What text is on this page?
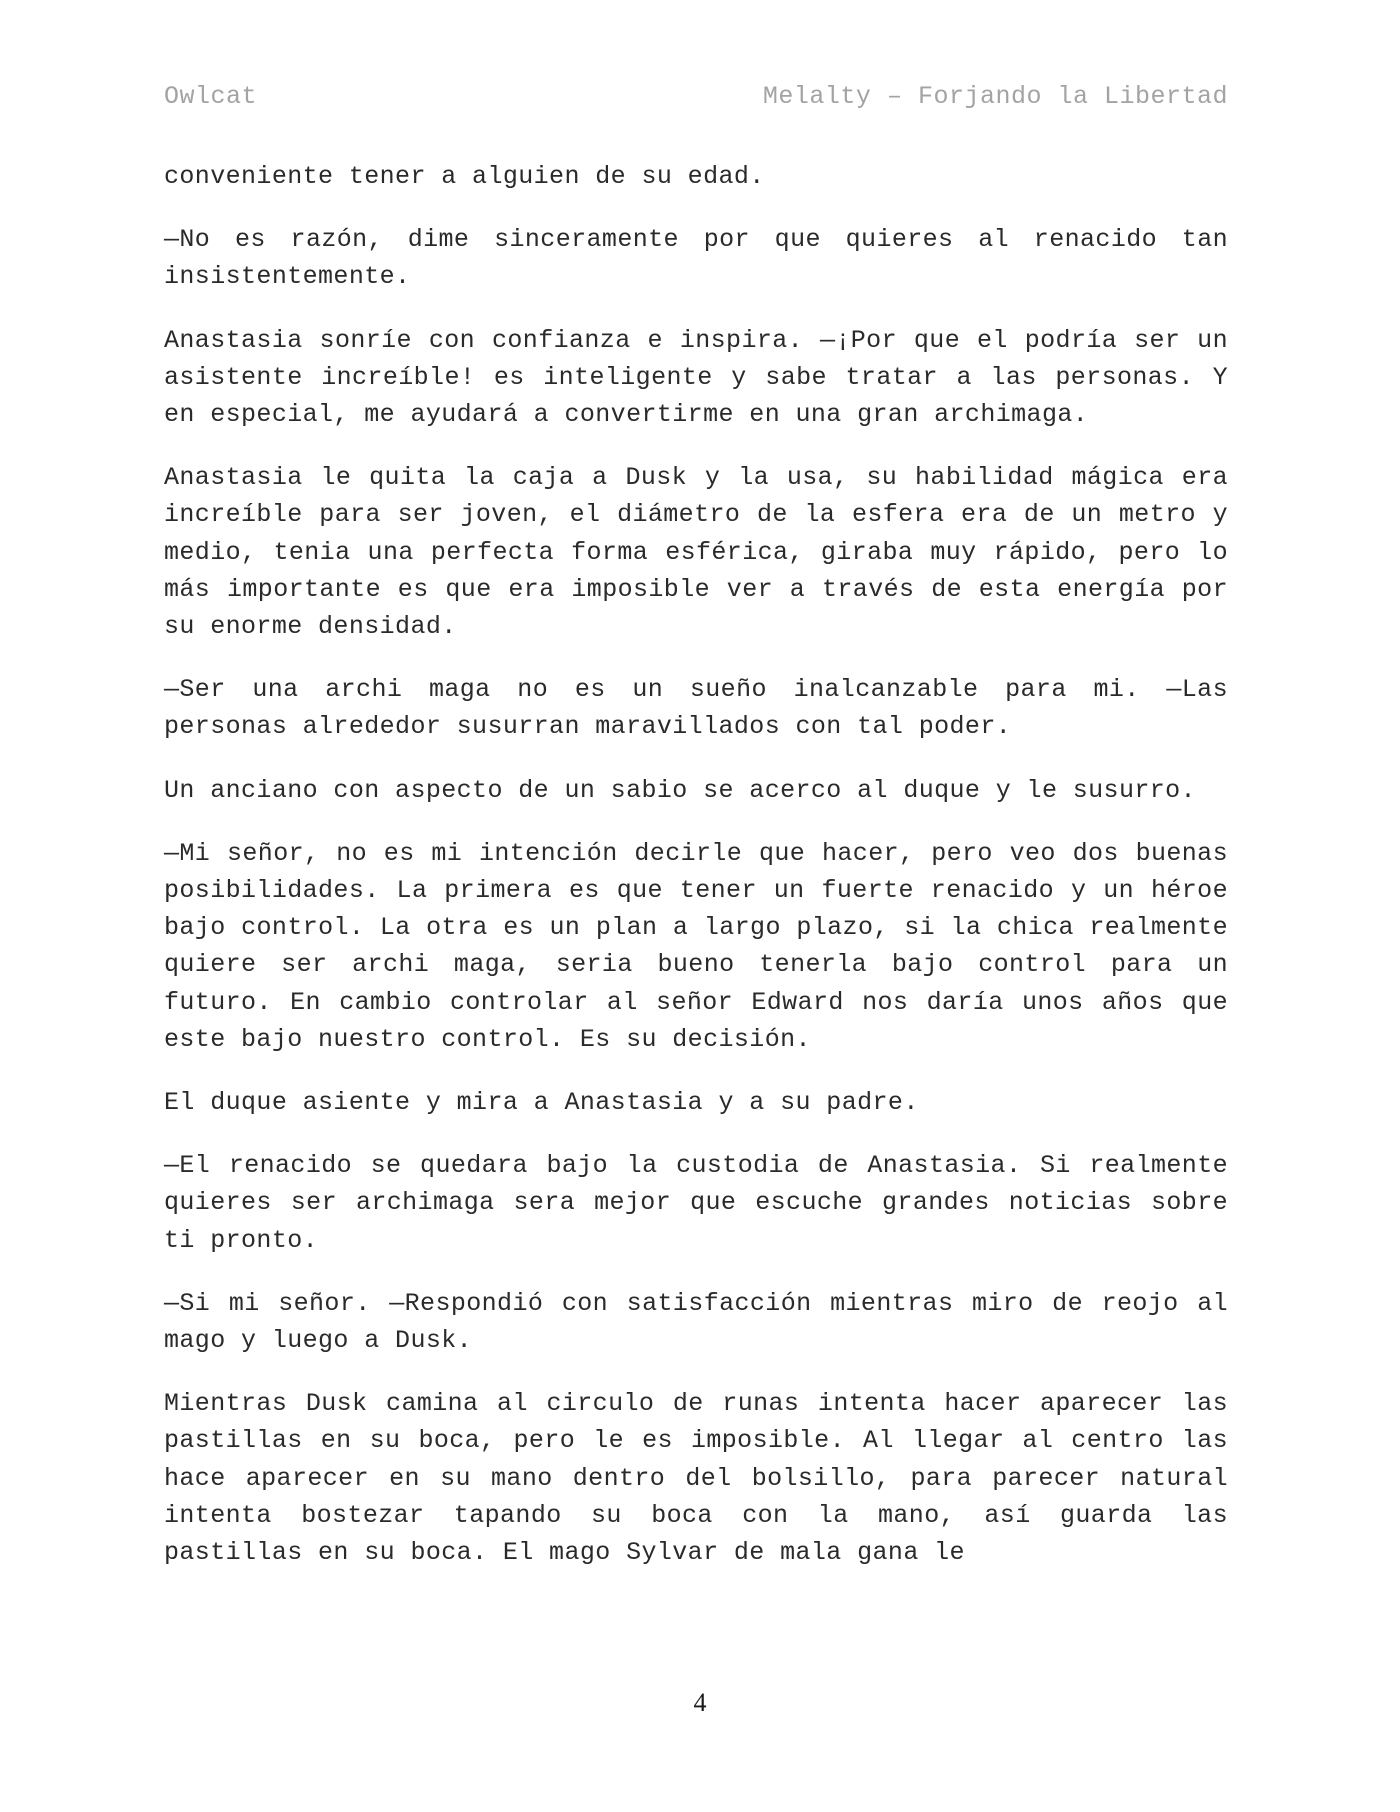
Owlcat	Melalty – Forjando la Libertad

conveniente tener a alguien de su edad.

—No es razón, dime sinceramente por que quieres al renacido tan insistentemente.

Anastasia sonríe con confianza e inspira. —¡Por que el podría ser un asistente increíble! es inteligente y sabe tratar a las personas. Y en especial, me ayudará a convertirme en una gran archimaga.

Anastasia le quita la caja a Dusk y la usa, su habilidad mágica era increíble para ser joven, el diámetro de la esfera era de un metro y medio, tenia una perfecta forma esférica, giraba muy rápido, pero lo más importante es que era imposible ver a través de esta energía por su enorme densidad.

—Ser una archi maga no es un sueño inalcanzable para mi. —Las personas alrededor susurran maravillados con tal poder.

Un anciano con aspecto de un sabio se acerco al duque y le susurro.

—Mi señor, no es mi intención decirle que hacer, pero veo dos buenas posibilidades. La primera es que tener un fuerte renacido y un héroe bajo control. La otra es un plan a largo plazo, si la chica realmente quiere ser archi maga, seria bueno tenerla bajo control para un futuro. En cambio controlar al señor Edward nos daría unos años que este bajo nuestro control. Es su decisión.

El duque asiente y mira a Anastasia y a su padre.

—El renacido se quedara bajo la custodia de Anastasia. Si realmente quieres ser archimaga sera mejor que escuche grandes noticias sobre ti pronto.

—Si mi señor. —Respondió con satisfacción mientras miro de reojo al mago y luego a Dusk.

Mientras Dusk camina al circulo de runas intenta hacer aparecer las pastillas en su boca, pero le es imposible. Al llegar al centro las hace aparecer en su mano dentro del bolsillo, para parecer natural intenta bostezar tapando su boca con la mano, así guarda las pastillas en su boca. El mago Sylvar de mala gana le

4
